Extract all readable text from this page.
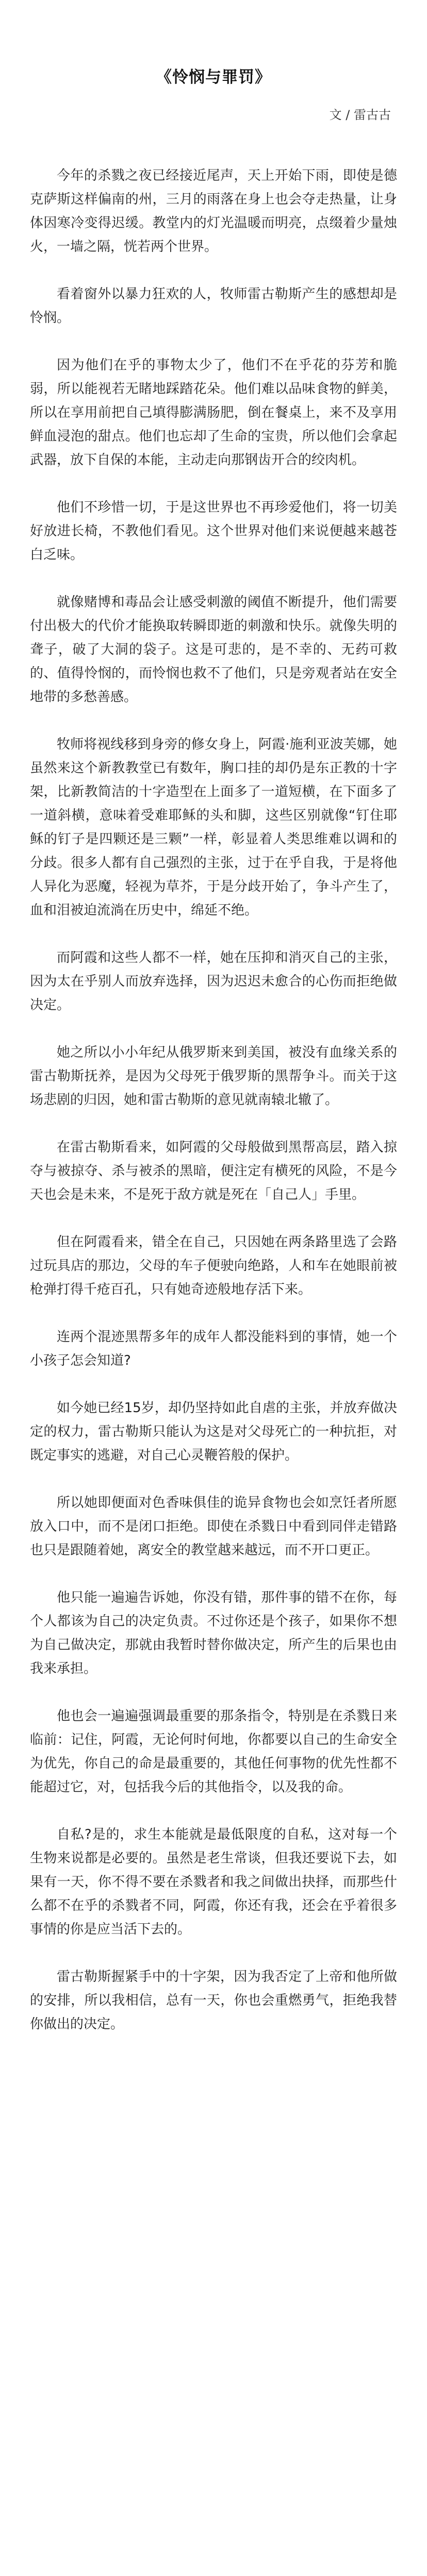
《怜悯与罪罚》
文 / 雷古古

今年的杀戮之夜已经接近尾声，天上开始下雨，即使是德克萨斯这样偏南的州，三月的雨落在身上也会夺走热量，让身体因寒冷变得迟缓。教堂内的灯光温暖而明亮，点缀着少量烛火，一墙之隔，恍若两个世界。

看着窗外以暴力狂欢的人，牧师雷古勒斯产生的感想却是怜悯。

因为他们在乎的事物太少了，他们不在乎花的芬芳和脆弱，所以能视若无睹地踩踏花朵。他们难以品味食物的鲜美，所以在享用前把自己填得膨满肠肥，倒在餐桌上，来不及享用鲜血浸泡的甜点。他们也忘却了生命的宝贵，所以他们会拿起武器，放下自保的本能，主动走向那钢齿开合的绞肉机。

他们不珍惜一切，于是这世界也不再珍爱他们，将一切美好放进长椅，不教他们看见。这个世界对他们来说便越来越苍白乏味。

就像赌博和毒品会让感受刺激的阈值不断提升，他们需要付出极大的代价才能换取转瞬即逝的刺激和快乐。就像失明的聋子，破了大洞的袋子。这是可悲的，是不幸的、无药可救的、值得怜悯的，而怜悯也救不了他们，只是旁观者站在安全地带的多愁善感。

牧师将视线移到身旁的修女身上，阿霞·施利亚波芙娜，她虽然来这个新教教堂已有数年，胸口挂的却仍是东正教的十字架，比新教简洁的十字造型在上面多了一道短横，在下面多了一道斜横，意味着受难耶稣的头和脚，这些区别就像“钉住耶稣的钉子是四颗还是三颗”一样，彰显着人类思维难以调和的分歧。很多人都有自己强烈的主张，过于在乎自我，于是将他人异化为恶魔，轻视为草芥，于是分歧开始了，争斗产生了，血和泪被迫流淌在历史中，绵延不绝。

而阿霞和这些人都不一样，她在压抑和消灭自己的主张，因为太在乎别人而放弃选择，因为迟迟未愈合的心伤而拒绝做决定。

她之所以小小年纪从俄罗斯来到美国，被没有血缘关系的雷古勒斯抚养，是因为父母死于俄罗斯的黑帮争斗。而关于这场悲剧的归因，她和雷古勒斯的意见就南辕北辙了。

在雷古勒斯看来，如阿霞的父母般做到黑帮高层，踏入掠夺与被掠夺、杀与被杀的黑暗，便注定有横死的风险，不是今天也会是未来，不是死于敌方就是死在「自己人」手里。

但在阿霞看来，错全在自己，只因她在两条路里选了会路过玩具店的那边，父母的车子便驶向绝路，人和车在她眼前被枪弹打得千疮百孔，只有她奇迹般地存活下来。

连两个混迹黑帮多年的成年人都没能料到的事情，她一个小孩子怎会知道?

如今她已经15岁，却仍坚持如此自虐的主张，并放弃做决定的权力，雷古勒斯只能认为这是对父母死亡的一种抗拒，对既定事实的逃避，对自己心灵鞭笞般的保护。

所以她即便面对色香味俱佳的诡异食物也会如烹饪者所愿放入口中，而不是闭口拒绝。即使在杀戮日中看到同伴走错路也只是跟随着她，离安全的教堂越来越远，而不开口更正。

他只能一遍遍告诉她，你没有错，那件事的错不在你，每个人都该为自己的决定负责。不过你还是个孩子，如果你不想为自己做决定，那就由我暂时替你做决定，所产生的后果也由我来承担。

他也会一遍遍强调最重要的那条指令，特别是在杀戮日来临前：记住，阿霞，无论何时何地，你都要以自己的生命安全为优先，你自己的命是最重要的，其他任何事物的优先性都不能超过它，对，包括我今后的其他指令，以及我的命。

自私?是的，求生本能就是最低限度的自私，这对每一个生物来说都是必要的。虽然是老生常谈，但我还要说下去，如果有一天，你不得不要在杀戮者和我之间做出抉择，而那些什么都不在乎的杀戮者不同，阿霞，你还有我，还会在乎着很多事情的你是应当活下去的。

雷古勒斯握紧手中的十字架，因为我否定了上帝和他所做的安排，所以我相信，总有一天，你也会重燃勇气，拒绝我替你做出的决定。
